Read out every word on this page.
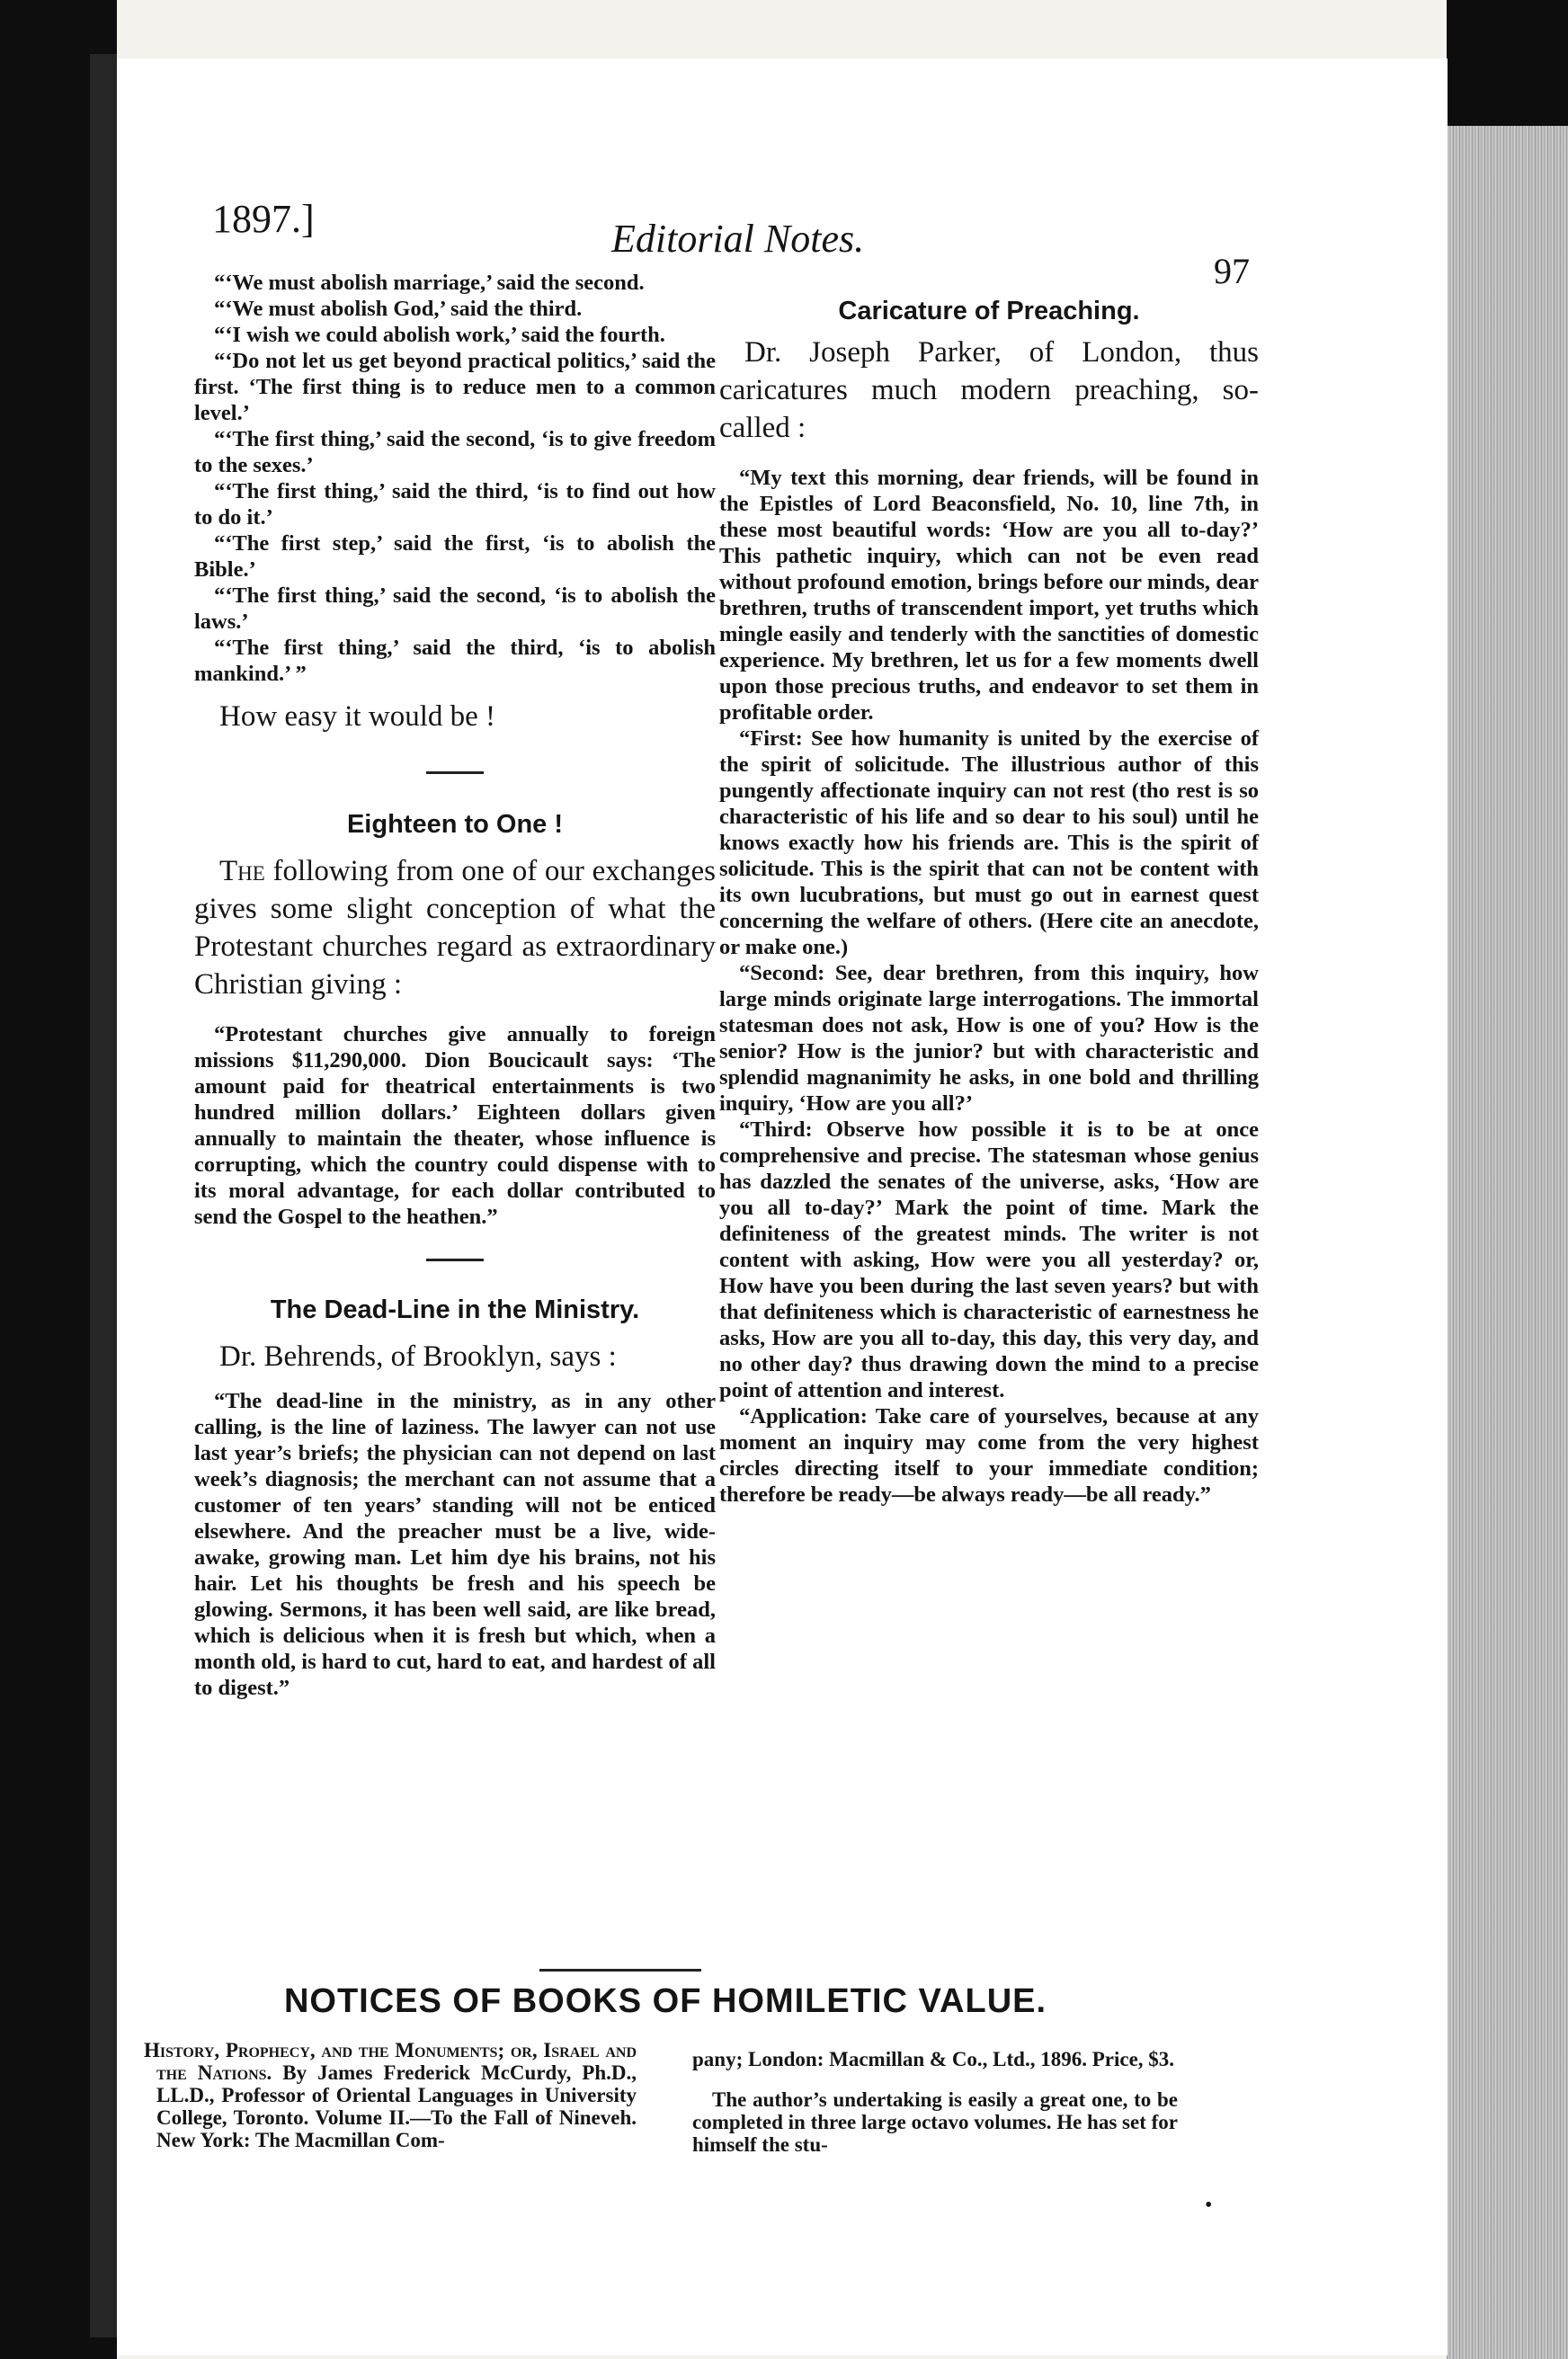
1897.]	Editorial Notes.
97

“‘We must abolish marriage,’ said the second.

“‘We must abolish God,’ said the third.

“‘I wish we could abolish work,’ said the fourth.

“‘Do not let us get beyond practical politics,’ said the first. ‘The first thing is to reduce men to a common level.’

“‘The first thing,’ said the second, ‘is to give freedom to the sexes.’

“‘The first thing,’ said the third, ‘is to find out how to do it.’

“‘The first step,’ said the first, ‘is to abolish the Bible.’

“‘The first thing,’ said the second, ‘is to abolish the laws.’

“‘The first thing,’ said the third, ‘is to abolish mankind.’ ”

How easy it would be !

Eighteen to One !

The following from one of our exchanges gives some slight conception of what the Protestant churches regard as extraordinary Christian giving :

“Protestant churches give annually to foreign missions $11,290,000. Dion Boucicault says: ‘The amount paid for theatrical entertainments is two hundred million dollars.’ Eighteen dollars given annually to maintain the theater, whose influence is corrupting, which the country could dispense with to its moral advantage, for each dollar contributed to send the Gospel to the heathen.”

The Dead-Line in the Ministry.

Dr. Behrends, of Brooklyn, says :

“The dead-line in the ministry, as in any other calling, is the line of laziness. The lawyer can not use last year’s briefs; the physician can not depend on last week’s diagnosis; the merchant can not assume that a customer of ten years’ standing will not be enticed elsewhere. And the preacher must be a live, wide-awake, growing man. Let him dye his brains, not his hair. Let his thoughts be fresh and his speech be glowing. Sermons, it has been well said, are like bread, which is delicious when it is fresh but which, when a month old, is hard to cut, hard to eat, and hardest of all to digest.”

Caricature of Preaching.

Dr. Joseph Parker, of London, thus caricatures much modern preaching, so-called :

“My text this morning, dear friends, will be found in the Epistles of Lord Beaconsfield, No. 10, line 7th, in these most beautiful words: ‘How are you all to-day?’ This pathetic inquiry, which can not be even read without profound emotion, brings before our minds, dear brethren, truths of transcendent import, yet truths which mingle easily and tenderly with the sanctities of domestic experience. My brethren, let us for a few moments dwell upon those precious truths, and endeavor to set them in profitable order.

“First: See how humanity is united by the exercise of the spirit of solicitude. The illustrious author of this pungently affectionate inquiry can not rest (tho rest is so characteristic of his life and so dear to his soul) until he knows exactly how his friends are. This is the spirit of solicitude. This is the spirit that can not be content with its own lucubrations, but must go out in earnest quest concerning the welfare of others. (Here cite an anecdote, or make one.)

“Second: See, dear brethren, from this inquiry, how large minds originate large interrogations. The immortal statesman does not ask, How is one of you? How is the senior? How is the junior? but with characteristic and splendid magnanimity he asks, in one bold and thrilling inquiry, ‘How are you all?’

“Third: Observe how possible it is to be at once comprehensive and precise. The statesman whose genius has dazzled the senates of the universe, asks, ‘How are you all to-day?’ Mark the point of time. Mark the definiteness of the greatest minds. The writer is not content with asking, How were you all yesterday? or, How have you been during the last seven years? but with that definiteness which is characteristic of earnestness he asks, How are you all to-day, this day, this very day, and no other day? thus drawing down the mind to a precise point of attention and interest.

“Application: Take care of yourselves, because at any moment an inquiry may come from the very highest circles directing itself to your immediate condition; therefore be ready—be always ready—be all ready.”

NOTICES OF BOOKS OF HOMILETIC VALUE.

History, Prophecy, and the Monuments; or, Israel and the Nations. By James Frederick McCurdy, Ph.D., LL.D., Professor of Oriental Languages in University College, Toronto. Volume II.—To the Fall of Nineveh. New York: The Macmillan Com-

pany; London: Macmillan & Co., Ltd., 1896. Price, $3.

The author’s undertaking is easily a great one, to be completed in three large octavo volumes. He has set for himself the stu-

•
